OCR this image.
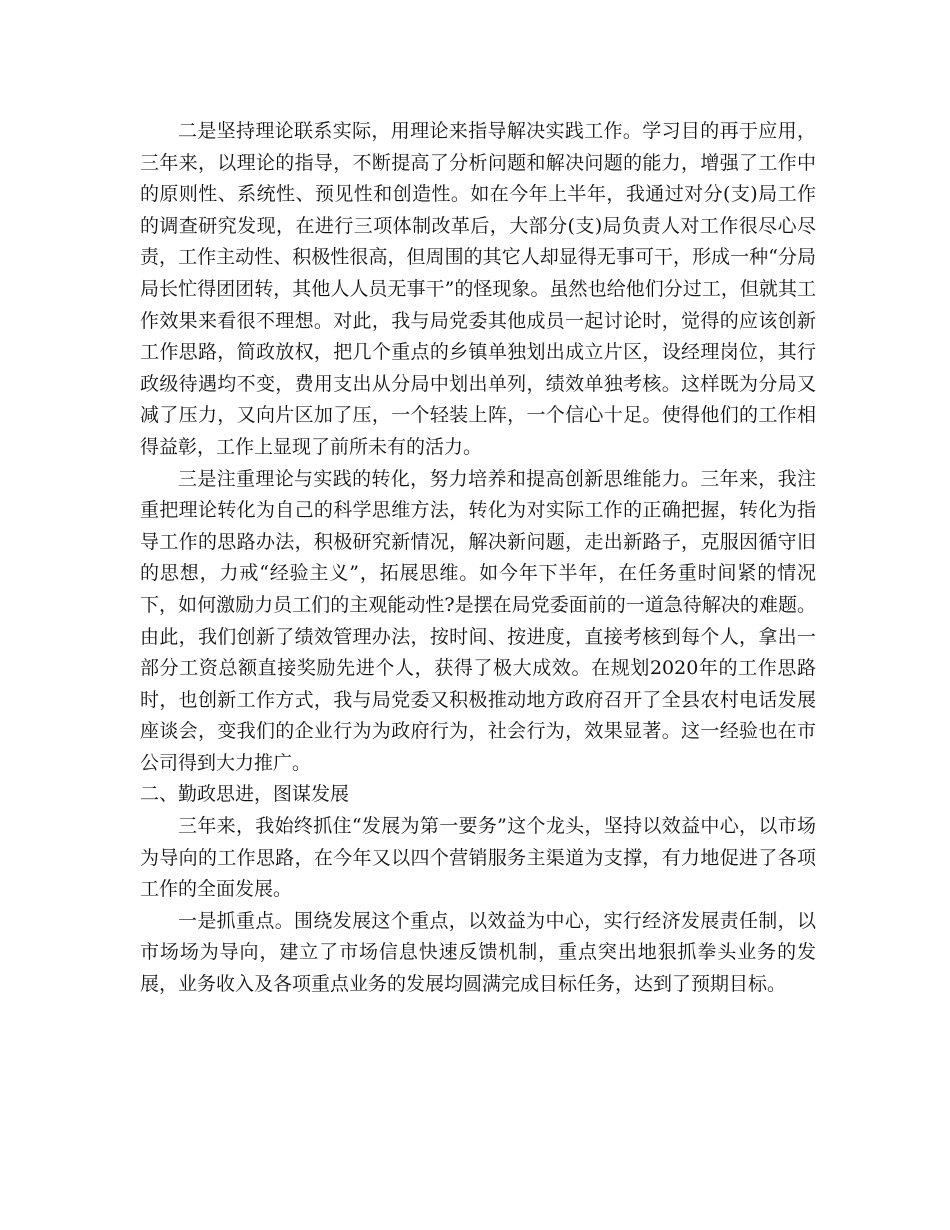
二是坚持理论联系实际，用理论来指导解决实践工作。学习目的再于应用，三年来，以理论的指导，不断提高了分析问题和解决问题的能力，增强了工作中的原则性、系统性、预见性和创造性。如在今年上半年，我通过对分(支)局工作的调查研究发现，在进行三项体制改革后，大部分(支)局负责人对工作很尽心尽责，工作主动性、积极性很高，但周围的其它人却显得无事可干，形成一种“分局局长忙得团团转，其他人人员无事干”的怪现象。虽然也给他们分过工，但就其工作效果来看很不理想。对此，我与局党委其他成员一起讨论时，觉得的应该创新工作思路，简政放权，把几个重点的乡镇单独划出成立片区，设经理岗位，其行政级待遇均不变，费用支出从分局中划出单列，绩效单独考核。这样既为分局又减了压力，又向片区加了压，一个轻装上阵，一个信心十足。使得他们的工作相得益彰，工作上显现了前所未有的活力。

三是注重理论与实践的转化，努力培养和提高创新思维能力。三年来，我注重把理论转化为自己的科学思维方法，转化为对实际工作的正确把握，转化为指导工作的思路办法，积极研究新情况，解决新问题，走出新路子，克服因循守旧的思想，力戒“经验主义”，拓展思维。如今年下半年，在任务重时间紧的情况下，如何激励力员工们的主观能动性?是摆在局党委面前的一道急待解决的难题。由此，我们创新了绩效管理办法，按时间、按进度，直接考核到每个人，拿出一部分工资总额直接奖励先进个人，获得了极大成效。在规划2020年的工作思路时，也创新工作方式，我与局党委又积极推动地方政府召开了全县农村电话发展座谈会，变我们的企业行为为政府行为，社会行为，效果显著。这一经验也在市公司得到大力推广。

二、勤政思进，图谋发展

三年来，我始终抓住“发展为第一要务”这个龙头，坚持以效益中心，以市场为导向的工作思路，在今年又以四个营销服务主渠道为支撑，有力地促进了各项工作的全面发展。

一是抓重点。围绕发展这个重点，以效益为中心，实行经济发展责任制，以市场场为导向，建立了市场信息快速反馈机制，重点突出地狠抓拳头业务的发展，业务收入及各项重点业务的发展均圆满完成目标任务，达到了预期目标。
